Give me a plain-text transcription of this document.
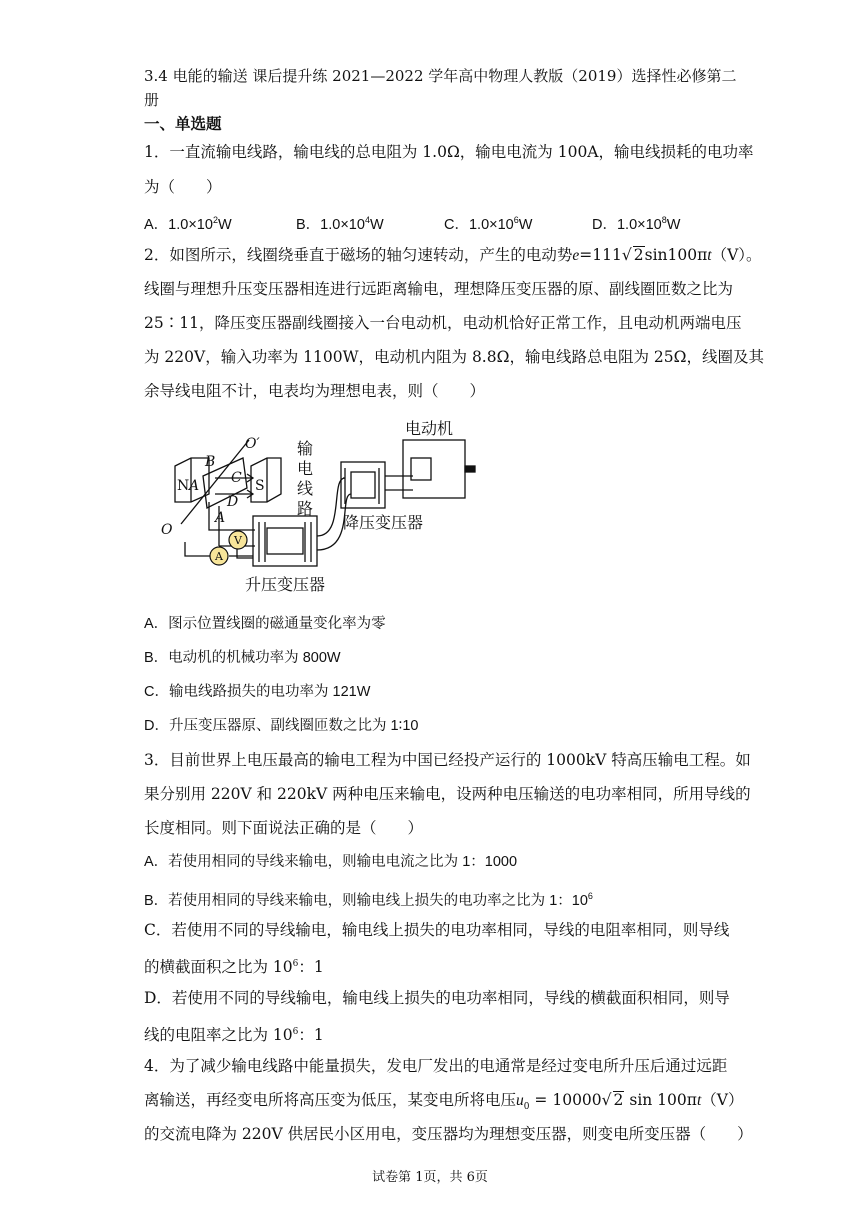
3.4 电能的输送 课后提升练 2021—2022 学年高中物理人教版（2019）选择性必修第二
册
一、单选题
1．一直流输电线路，输电线的总电阻为 1.0Ω，输电电流为 100A，输电线损耗的电功率
为（　　）
A．$1.0\times 10^2W$	B．$1.0\times 10^4W$	C．$1.0\times 10^6W$	D．$1.0\times 10^8W$
2．如图所示，线圈绕垂直于磁场的轴匀速转动，产生的电动势e=111√ 2sin100πt（V）。
线圈与理想升压变压器相连进行远距离输电，理想降压变压器的原、副线圈匝数之比为
25∶11，降压变压器副线圈接入一台电动机，电动机恰好正常工作，且电动机两端电压
为 220V，输入功率为 1100W，电动机内阻为 8.8Ω，输电线路总电阻为 25Ω，线圈及其
余导线电阻不计，电表均为理想电表，则（　　）
电动机
输
电
线
路
降压变压器
升压变压器
N	S
B
A C
D
A
O
O′
V
A
A．图示位置线圈的磁通量变化率为零
B．电动机的机械功率为 800W
C．输电线路损失的电功率为 121W
D．升压变压器原、副线圈匝数之比为 1∶10
3．目前世界上电压最高的输电工程为中国已经投产运行的 1000kV 特高压输电工程。如
果分别用 220V 和 220kV 两种电压来输电，设两种电压输送的电功率相同，所用导线的
长度相同。则下面说法正确的是（　　）
A．若使用相同的导线来输电，则输电电流之比为 1：1000
B．若使用相同的导线来输电，则输电线上损失的电功率之比为 1：$10^6$
C．若使用不同的导线输电，输电线上损失的电功率相同，导线的电阻率相同，则导线
的横截面积之比为 $10^6$：1
D．若使用不同的导线输电，输电线上损失的电功率相同，导线的横截面积相同，则导
线的电阻率之比为 $10^6$：1
4．为了减少输电线路中能量损失，发电厂发出的电通常是经过变电所升压后通过远距
离输送，再经变电所将高压变为低压，某变电所将电压$u_0 = 10000√$ 2 sin 100πt（V）
的交流电降为 220V 供居民小区用电，变压器均为理想变压器，则变电所变压器（　　）
试卷第 1页，共 6页
